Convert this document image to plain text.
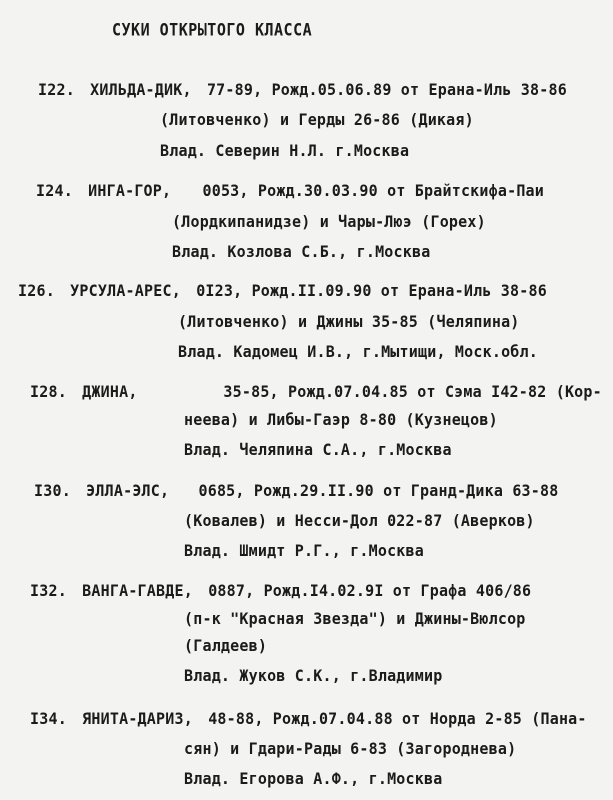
СУКИ ОТКРЫТОГО КЛАССА
I22. ХИЛЬДА-ДИК, 77-89, Рожд.05.06.89 от Ерана-Иль 38-86
(Литовченко) и Герды 26-86 (Дикая)
Влад. Северин Н.Л. г.Москва
I24. ИНГА-ГОР, 0053, Рожд.30.03.90 от Брайтскифа-Паи
(Лордкипанидзе) и Чары-Люэ (Горех)
Влад. Козлова С.Б., г.Москва
I26. УРСУЛА-АРЕС, 0I23, Рожд.II.09.90 от Ерана-Иль 38-86
(Литовченко) и Джины 35-85 (Челяпина)
Влад. Кадомец И.В., г.Мытищи, Моск.обл.
I28. ДЖИНА,	35-85, Рожд.07.04.85 от Сэма I42-82 (Кор-
неева) и Либы-Гаэр 8-80 (Кузнецов)
Влад. Челяпина С.А., г.Москва
I30. ЭЛЛА-ЭЛС, 0685, Рожд.29.II.90 от Гранд-Дика 63-88
(Ковалев) и Несси-Дол 022-87 (Аверков)
Влад. Шмидт Р.Г., г.Москва
I32. ВАНГА-ГАВДЕ, 0887, Рожд.I4.02.9I от Графа 406/86
(п-к "Красная Звезда") и Джины-Вюлсор
(Галдеев)
Влад. Жуков С.К., г.Владимир
I34. ЯНИТА-ДАРИЗ, 48-88, Рожд.07.04.88 от Норда 2-85 (Пана-
сян) и Гдари-Рады 6-83 (Загороднева)
Влад. Егорова А.Ф., г.Москва
